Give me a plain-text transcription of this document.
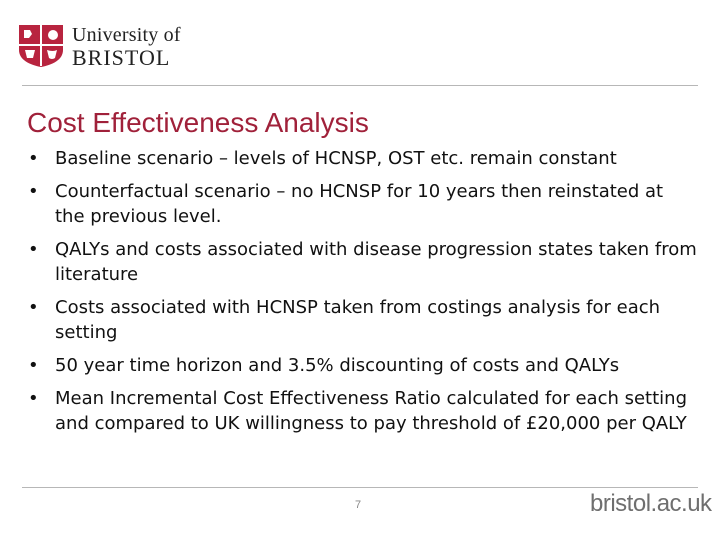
University of
BRISTOL
Cost Effectiveness Analysis
• Baseline scenario – levels of HCNSP, OST etc. remain constant
• Counterfactual scenario – no HCNSP for 10 years then reinstated at the previous level.
• QALYs and costs associated with disease progression states taken from literature
• Costs associated with HCNSP taken from costings analysis for each setting
• 50 year time horizon and 3.5% discounting of costs and QALYs
• Mean Incremental Cost Effectiveness Ratio calculated for each setting and compared to UK willingness to pay threshold of £20,000 per QALY
7	bristol.ac.uk
